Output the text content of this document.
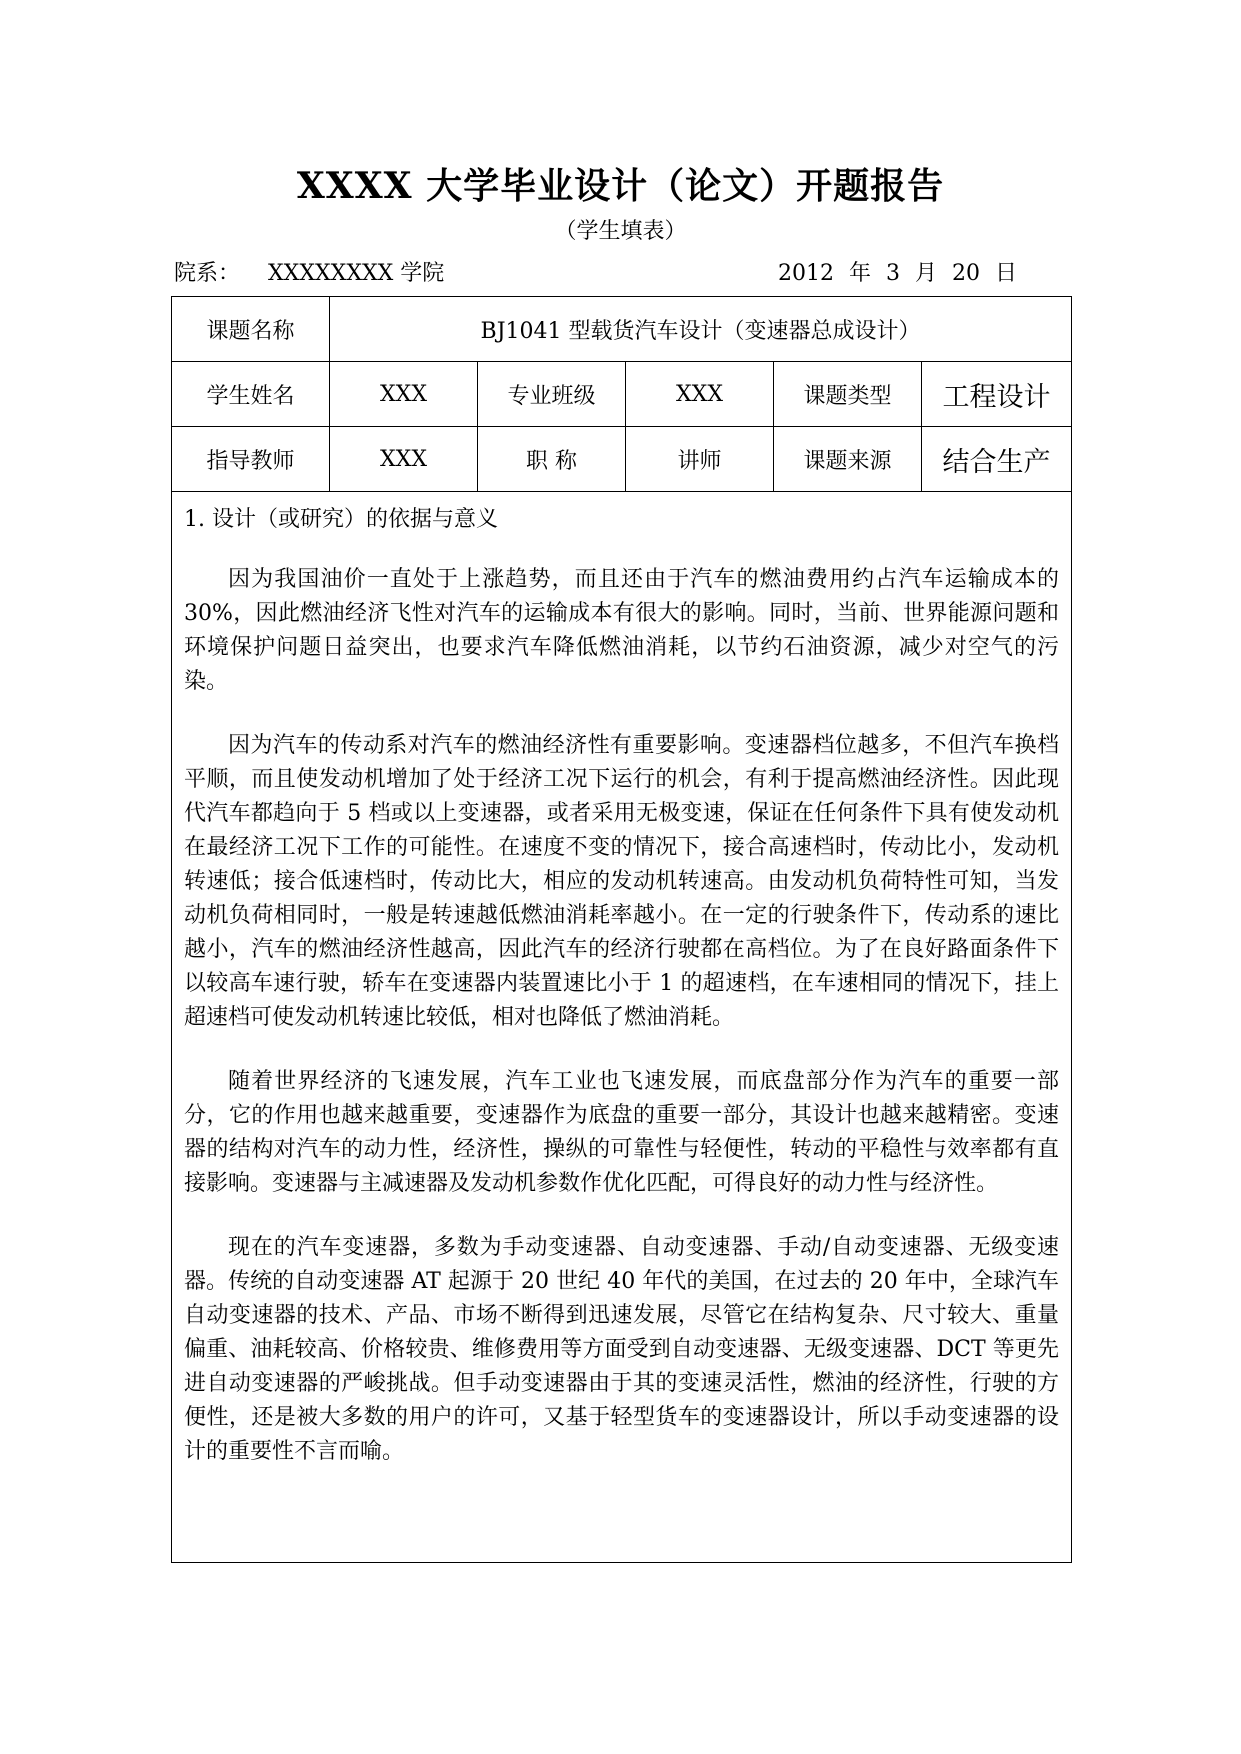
XXXX 大学毕业设计（论文）开题报告
（学生填表）
院系： XXXXXXXX 学院	2012 年 3 月 20 日
课题名称	BJ1041 型载货汽车设计（变速器总成设计）				
学生姓名	XXX	专业班级	XXX	课题类型	工程设计
指导教师	XXX	职 称	讲师	课题来源	结合生产

1. 设计（或研究）的依据与意义

因为我国油价一直处于上涨趋势，而且还由于汽车的燃油费用约占汽车运输成本的 30%，因此燃油经济飞性对汽车的运输成本有很大的影响。同时，当前、世界能源问题和环境保护问题日益突出，也要求汽车降低燃油消耗，以节约石油资源，减少对空气的污染。

因为汽车的传动系对汽车的燃油经济性有重要影响。变速器档位越多，不但汽车换档平顺，而且使发动机增加了处于经济工况下运行的机会，有利于提高燃油经济性。因此现代汽车都趋向于 5 档或以上变速器，或者采用无极变速，保证在任何条件下具有使发动机在最经济工况下工作的可能性。在速度不变的情况下，接合高速档时，传动比小，发动机转速低；接合低速档时，传动比大，相应的发动机转速高。由发动机负荷特性可知，当发动机负荷相同时，一般是转速越低燃油消耗率越小。在一定的行驶条件下，传动系的速比越小，汽车的燃油经济性越高，因此汽车的经济行驶都在高档位。为了在良好路面条件下以较高车速行驶，轿车在变速器内装置速比小于 1 的超速档，在车速相同的情况下，挂上超速档可使发动机转速比较低，相对也降低了燃油消耗。

随着世界经济的飞速发展，汽车工业也飞速发展，而底盘部分作为汽车的重要一部分，它的作用也越来越重要，变速器作为底盘的重要一部分，其设计也越来越精密。变速器的结构对汽车的动力性，经济性，操纵的可靠性与轻便性，转动的平稳性与效率都有直接影响。变速器与主减速器及发动机参数作优化匹配，可得良好的动力性与经济性。

现在的汽车变速器，多数为手动变速器、自动变速器、手动/自动变速器、无级变速器。传统的自动变速器 AT 起源于 20 世纪 40 年代的美国，在过去的 20 年中，全球汽车自动变速器的技术、产品、市场不断得到迅速发展，尽管它在结构复杂、尺寸较大、重量偏重、油耗较高、价格较贵、维修费用等方面受到自动变速器、无级变速器、DCT 等更先进自动变速器的严峻挑战。但手动变速器由于其的变速灵活性，燃油的经济性，行驶的方便性，还是被大多数的用户的许可，又基于轻型货车的变速器设计，所以手动变速器的设计的重要性不言而喻。					
